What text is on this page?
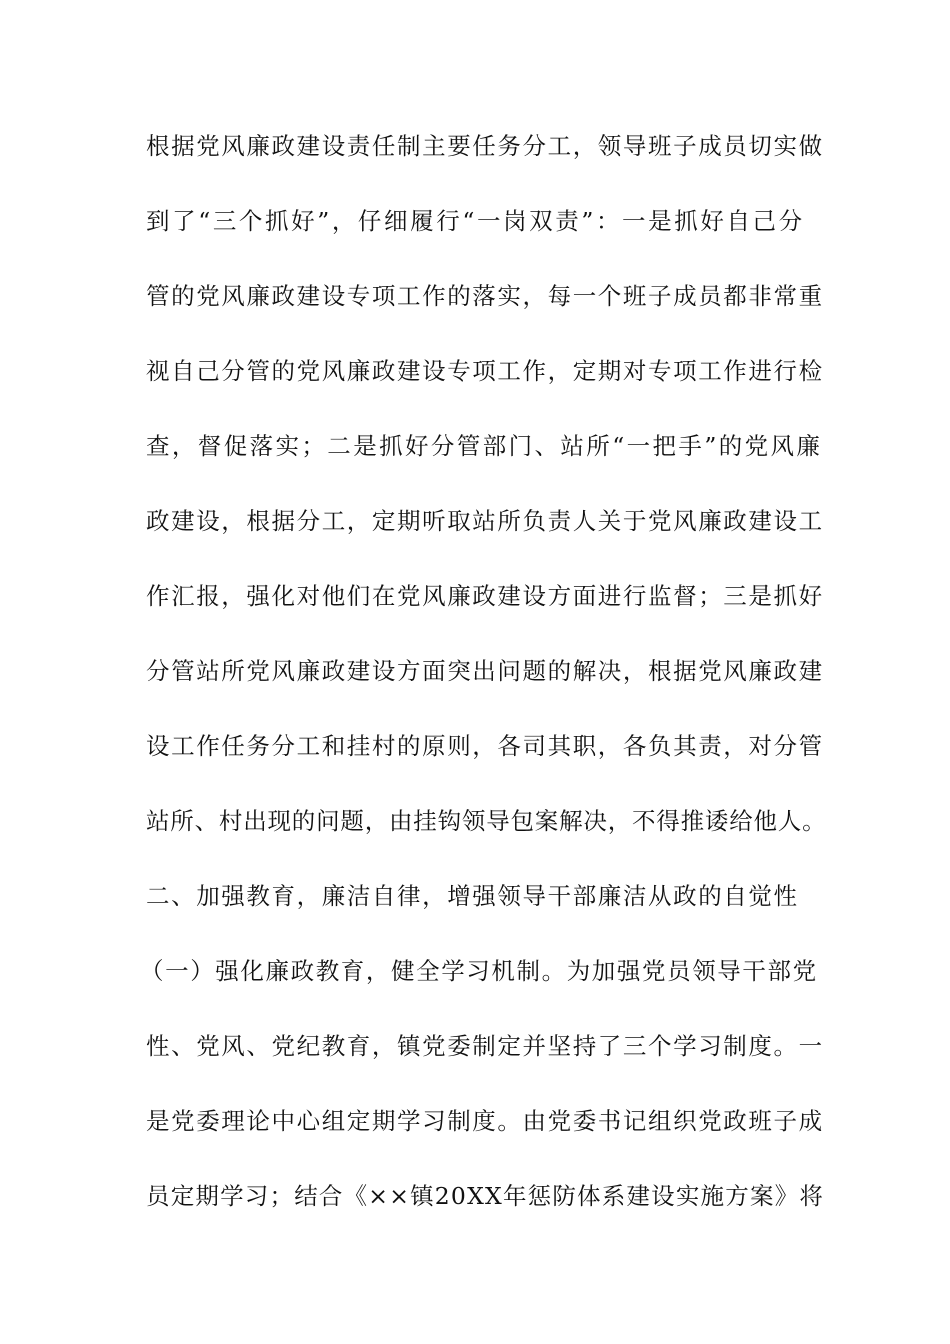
根据党风廉政建设责任制主要任务分工，领导班子成员切实做
到了“三个抓好”，仔细履行“一岗双责”：一是抓好自己分
管的党风廉政建设专项工作的落实，每一个班子成员都非常重
视自己分管的党风廉政建设专项工作，定期对专项工作进行检
查，督促落实；二是抓好分管部门、站所“一把手”的党风廉
政建设，根据分工，定期听取站所负责人关于党风廉政建设工
作汇报，强化对他们在党风廉政建设方面进行监督；三是抓好
分管站所党风廉政建设方面突出问题的解决，根据党风廉政建
设工作任务分工和挂村的原则，各司其职，各负其责，对分管
站所、村出现的问题，由挂钩领导包案解决，不得推诿给他人。
二、加强教育，廉洁自律，增强领导干部廉洁从政的自觉性
（一）强化廉政教育，健全学习机制。为加强党员领导干部党
性、党风、党纪教育，镇党委制定并坚持了三个学习制度。一
是党委理论中心组定期学习制度。由党委书记组织党政班子成
员定期学习；结合《××镇20XX年惩防体系建设实施方案》将
